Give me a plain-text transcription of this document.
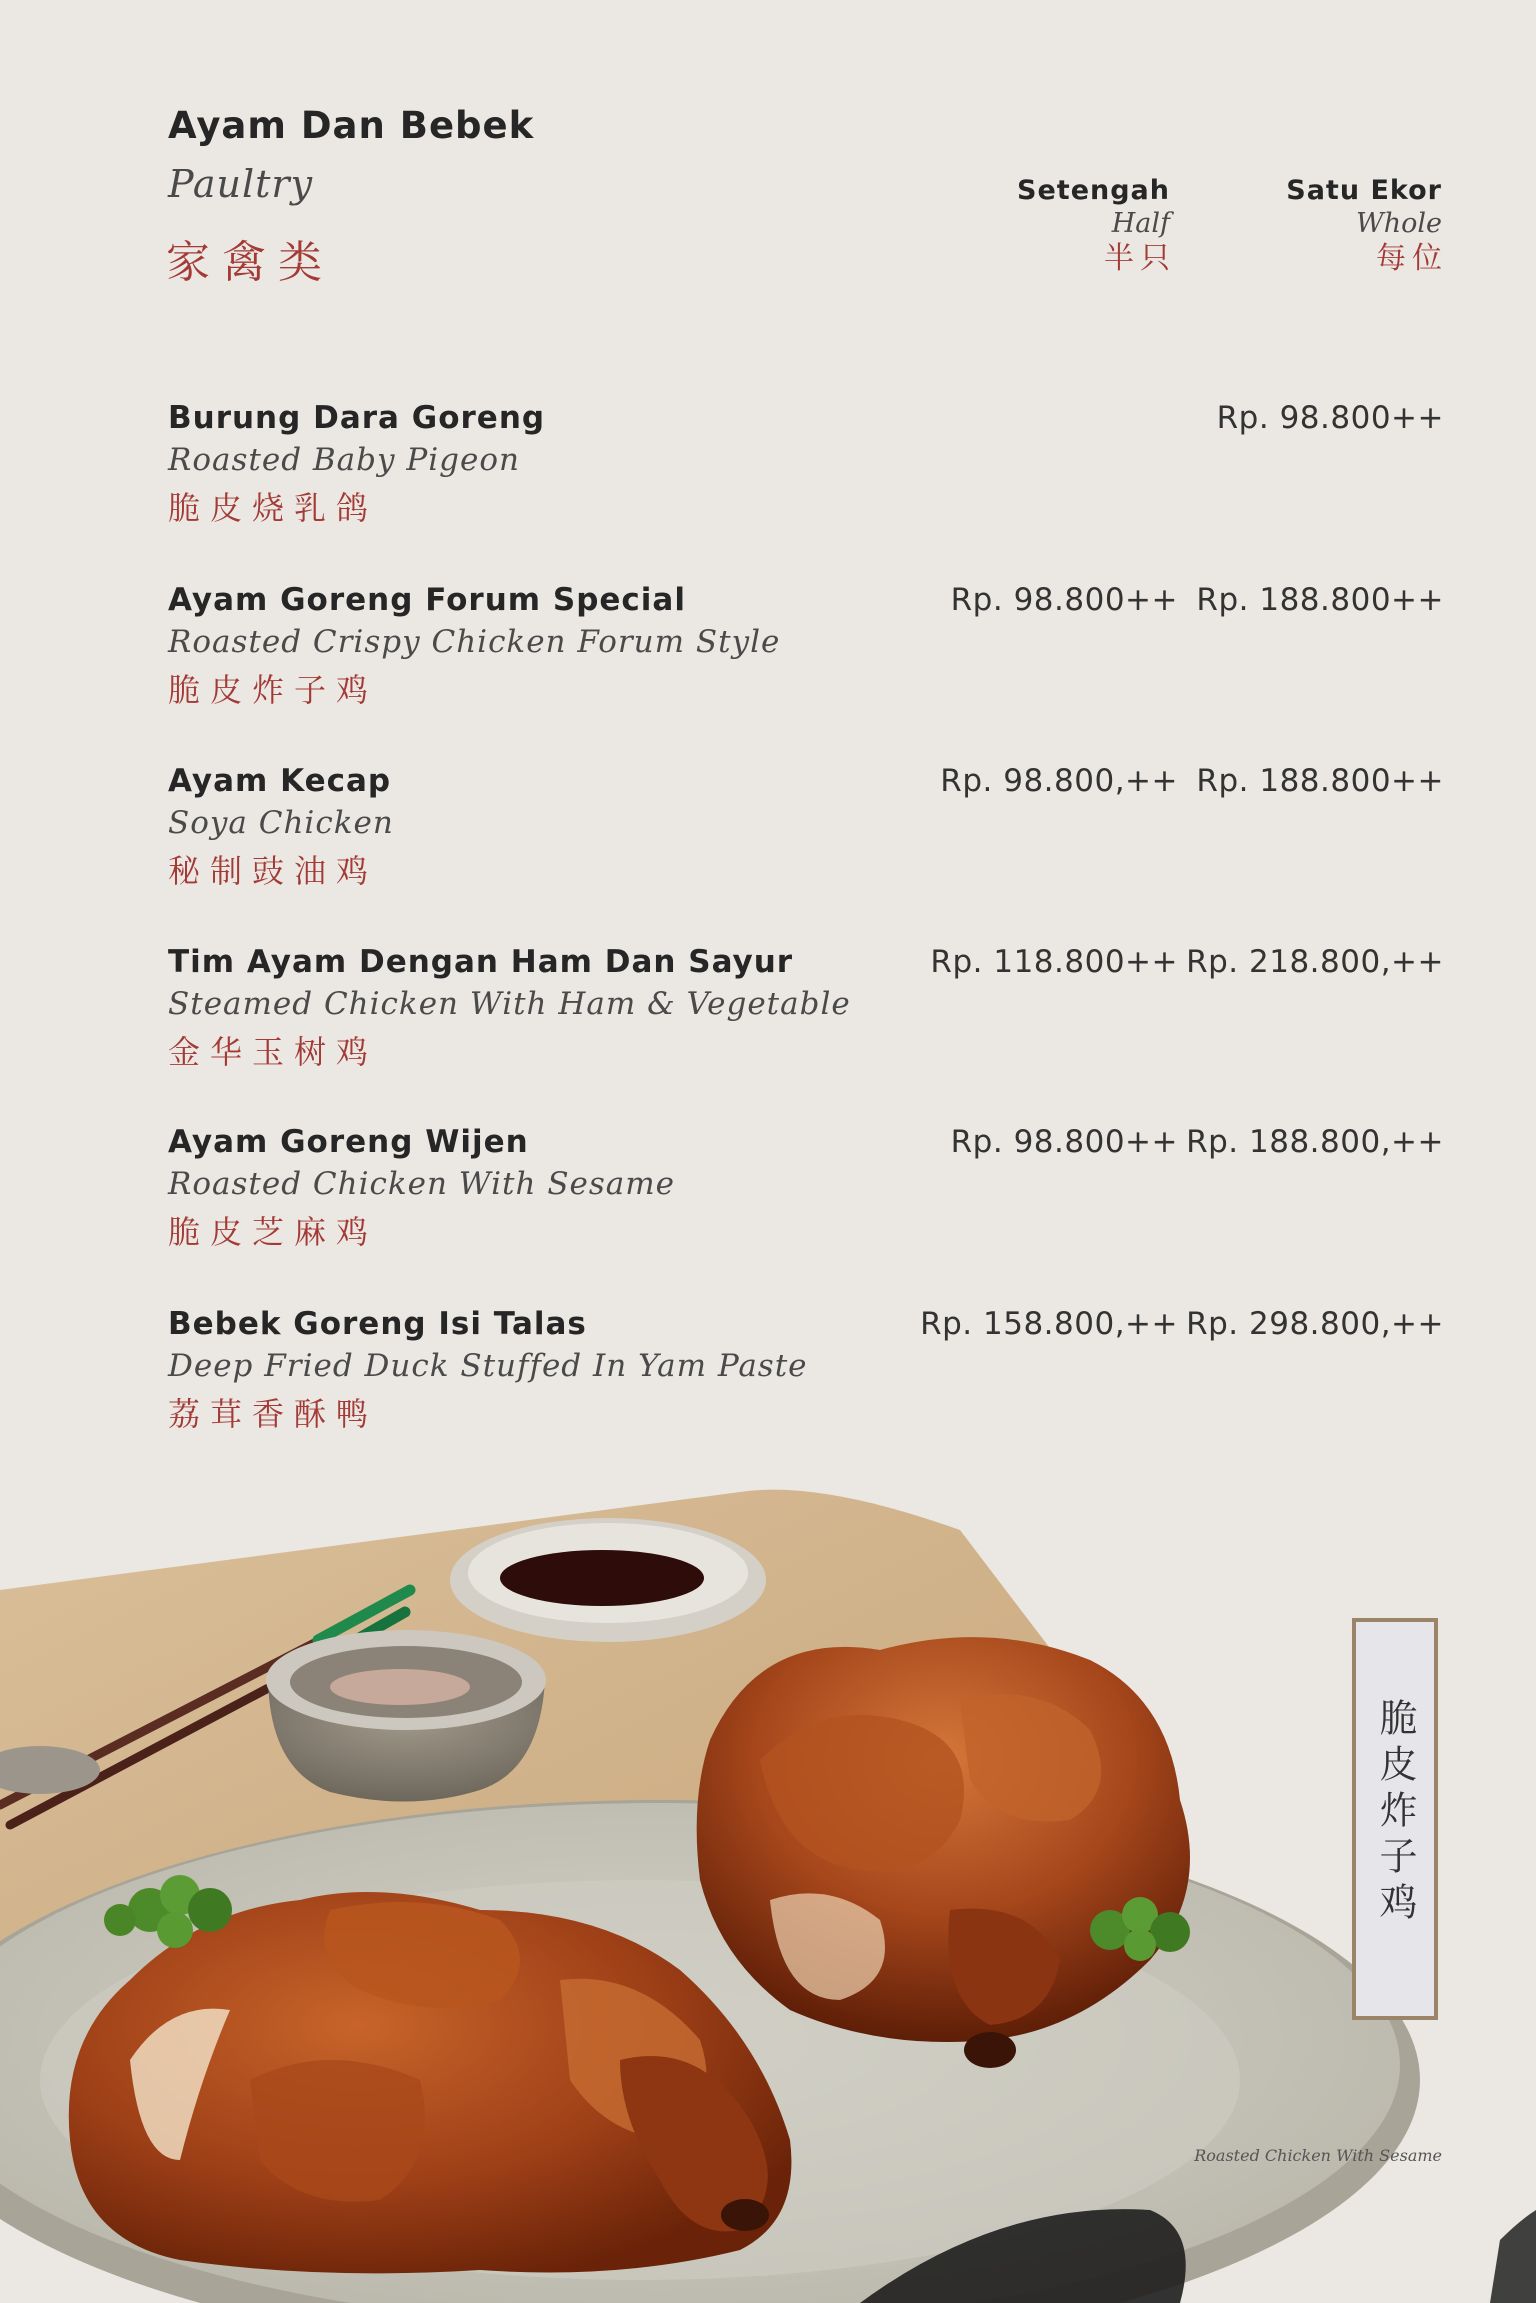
Ayam Dan Bebek
Paultry
家禽类
Setengah
Half
半只
Satu Ekor
Whole
每位
Burung Dara Goreng
Roasted Baby Pigeon
脆皮烧乳鸽
Rp. 98.800++
Ayam Goreng Forum Special
Roasted Crispy Chicken Forum Style
脆皮炸子鸡
Rp. 98.800++ Rp. 188.800++
Ayam Kecap
Soya Chicken
秘制豉油鸡
Rp. 98.800,++ Rp. 188.800++
Tim Ayam Dengan Ham Dan Sayur
Steamed Chicken With Ham & Vegetable
金华玉树鸡
Rp. 118.800++ Rp. 218.800,++
Ayam Goreng Wijen
Roasted Chicken With Sesame
脆皮芝麻鸡
Rp. 98.800++ Rp. 188.800,++
Bebek Goreng Isi Talas
Deep Fried Duck Stuffed In Yam Paste
荔茸香酥鸭
Rp. 158.800,++ Rp. 298.800,++
脆皮炸子鸡
Roasted Chicken With Sesame
